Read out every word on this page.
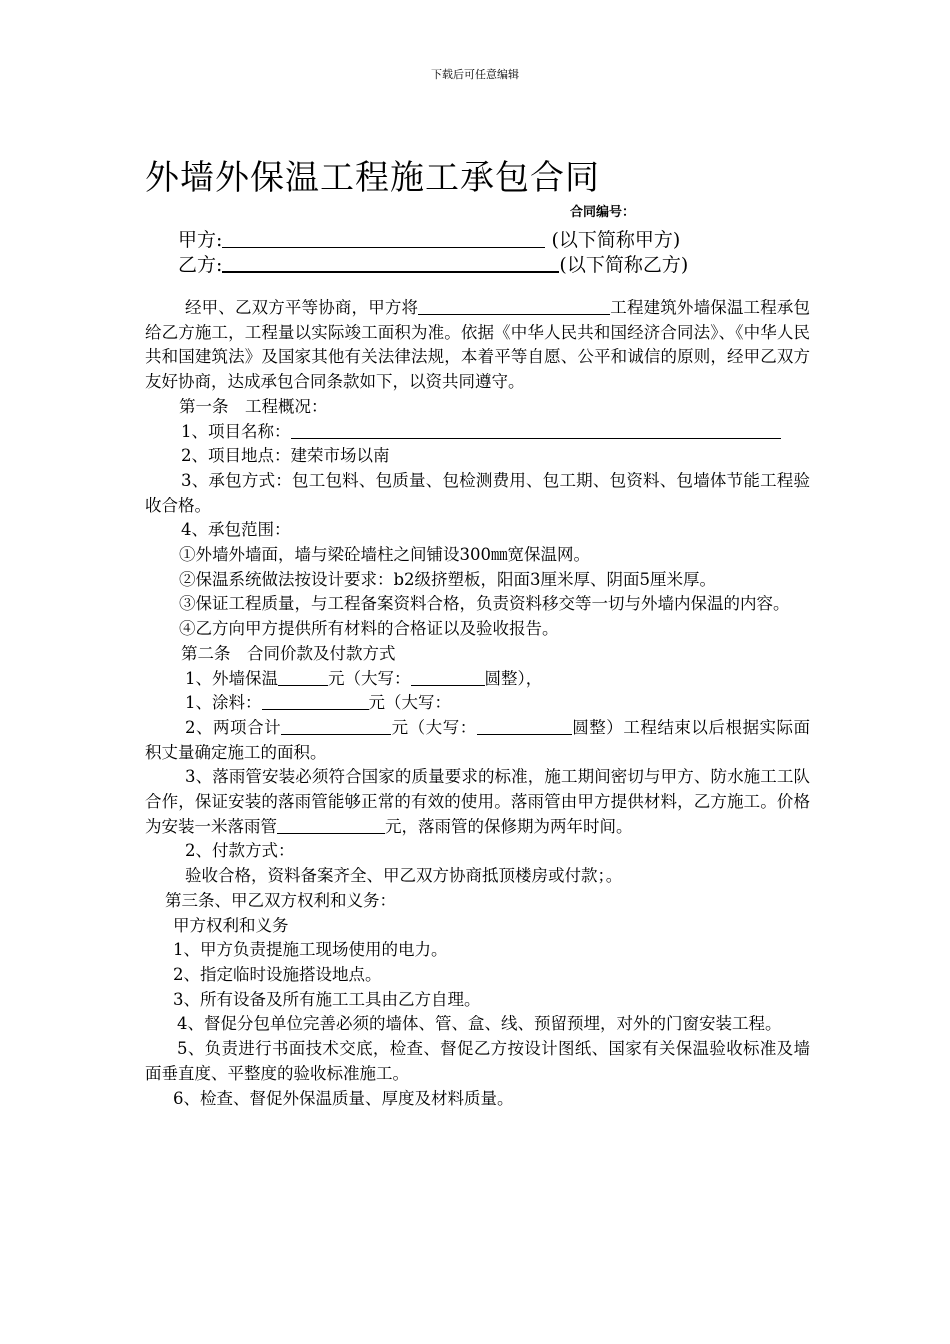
下载后可任意编辑
外墙外保温工程施工承包合同
合同编号：
甲方:	(以下简称甲方)
乙方:	(以下简称乙方)

经甲、乙双方平等协商，甲方将	工程建筑外墙保温工程承包给乙方施工，工程量以实际竣工面积为准。依据《中华人民共和国经济合同法》、《中华人民共和国建筑法》及国家其他有关法律法规，本着平等自愿、公平和诚信的原则，经甲乙双方友好协商，达成承包合同条款如下，以资共同遵守。

第一条　工程概况：

1、项目名称：

2、项目地点：建荣市场以南

3、承包方式：包工包料、包质量、包检测费用、包工期、包资料、包墙体节能工程验收合格。

4、承包范围：

①外墙外墙面，墙与梁砼墙柱之间铺设300㎜宽保温网。

②保温系统做法按设计要求：b2级挤塑板，阳面3厘米厚、阴面5厘米厚。

③保证工程质量，与工程备案资料合格，负责资料移交等一切与外墙内保温的内容。

④乙方向甲方提供所有材料的合格证以及验收报告。

第二条　合同价款及付款方式

1、外墙保温	元（大写：	圆整），

1、涂料：	元（大写：

2、两项合计	元（大写：	圆整）工程结束以后根据实际面积丈量确定施工的面积。

3、落雨管安装必须符合国家的质量要求的标准，施工期间密切与甲方、防水施工工队合作，保证安装的落雨管能够正常的有效的使用。落雨管由甲方提供材料，乙方施工。价格为安装一米落雨管	元，落雨管的保修期为两年时间。

2、付款方式：

验收合格，资料备案齐全、甲乙双方协商抵顶楼房或付款；。

第三条、甲乙双方权利和义务：

甲方权利和义务

1、甲方负责提施工现场使用的电力。

2、指定临时设施搭设地点。

3、所有设备及所有施工工具由乙方自理。

4、督促分包单位完善必须的墙体、管、盒、线、预留预埋，对外的门窗安装工程。

5、负责进行书面技术交底，检查、督促乙方按设计图纸、国家有关保温验收标准及墙面垂直度、平整度的验收标准施工。

6、检查、督促外保温质量、厚度及材料质量。
